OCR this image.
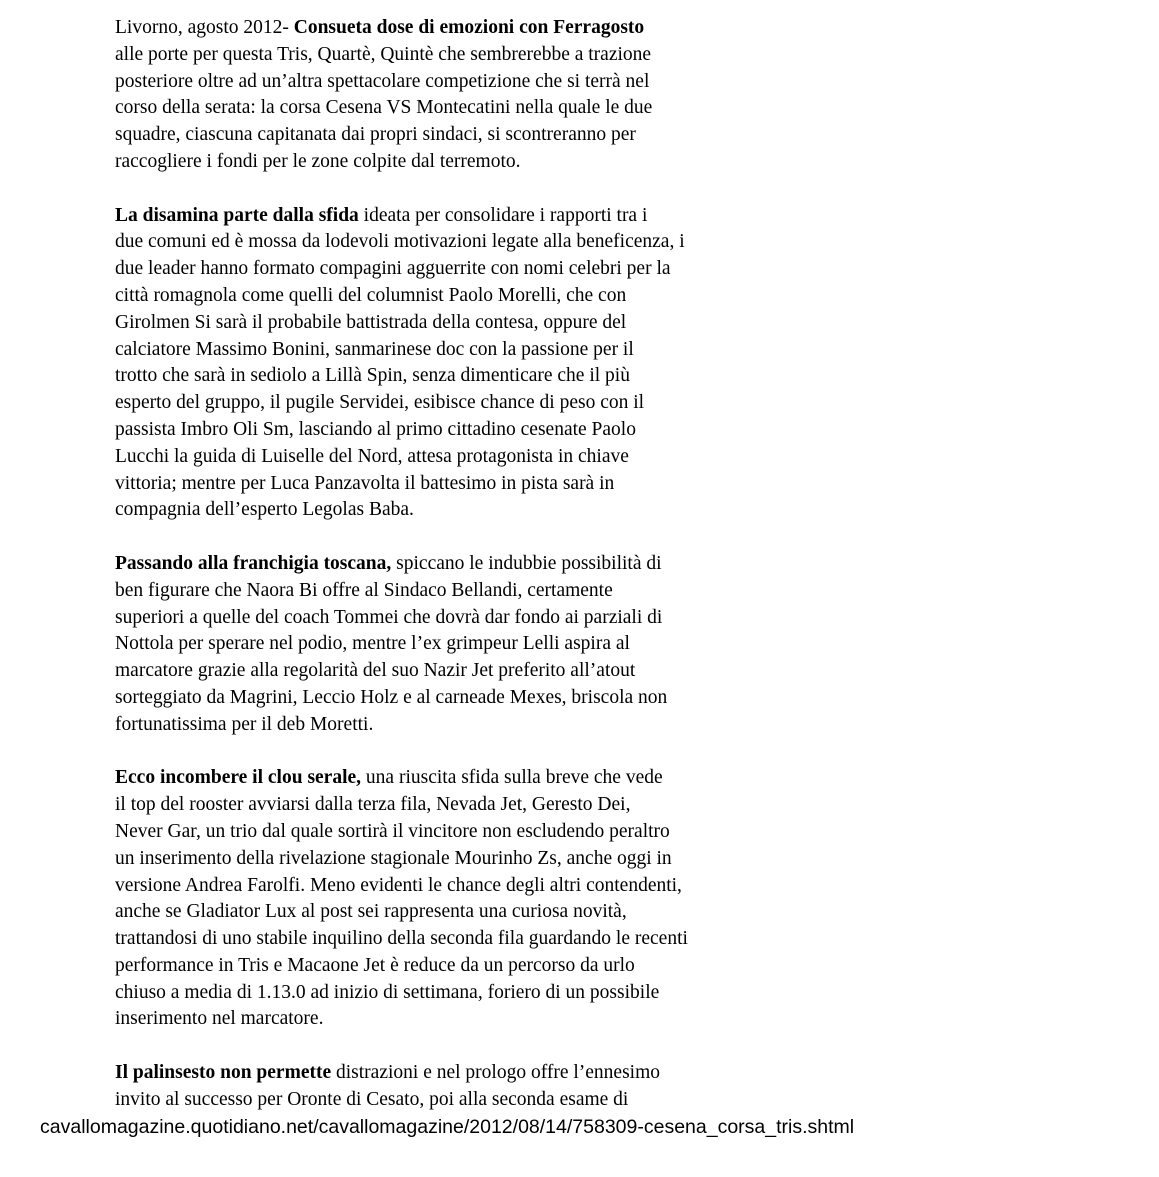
Livorno, agosto 2012- Consueta dose di emozioni con Ferragosto
alle porte per questa Tris, Quartè, Quintè che sembrerebbe a trazione
posteriore oltre ad un’altra spettacolare competizione che si terrà nel
corso della serata: la corsa Cesena VS Montecatini nella quale le due
squadre, ciascuna capitanata dai propri sindaci, si scontreranno per
raccogliere i fondi per le zone colpite dal terremoto.

La disamina parte dalla sfida ideata per consolidare i rapporti tra i
due comuni ed è mossa da lodevoli motivazioni legate alla beneficenza, i
due leader hanno formato compagini agguerrite con nomi celebri per la
città romagnola come quelli del columnist Paolo Morelli, che con
Girolmen Si sarà il probabile battistrada della contesa, oppure del
calciatore Massimo Bonini, sanmarinese doc con la passione per il
trotto che sarà in sediolo a Lillà Spin, senza dimenticare che il più
esperto del gruppo, il pugile Servidei, esibisce chance di peso con il
passista Imbro Oli Sm, lasciando al primo cittadino cesenate Paolo
Lucchi la guida di Luiselle del Nord, attesa protagonista in chiave
vittoria; mentre per Luca Panzavolta il battesimo in pista sarà in
compagnia dell’esperto Legolas Baba.

Passando alla franchigia toscana, spiccano le indubbie possibilità di
ben figurare che Naora Bi offre al Sindaco Bellandi, certamente
superiori a quelle del coach Tommei che dovrà dar fondo ai parziali di
Nottola per sperare nel podio, mentre l’ex grimpeur Lelli aspira al
marcatore grazie alla regolarità del suo Nazir Jet preferito all’atout
sorteggiato da Magrini, Leccio Holz e al carneade Mexes, briscola non
fortunatissima per il deb Moretti.

Ecco incombere il clou serale, una riuscita sfida sulla breve che vede
il top del rooster avviarsi dalla terza fila, Nevada Jet, Geresto Dei,
Never Gar, un trio dal quale sortirà il vincitore non escludendo peraltro
un inserimento della rivelazione stagionale Mourinho Zs, anche oggi in
versione Andrea Farolfi. Meno evidenti le chance degli altri contendenti,
anche se Gladiator Lux al post sei rappresenta una curiosa novità,
trattandosi di uno stabile inquilino della seconda fila guardando le recenti
performance in Tris e Macaone Jet è reduce da un percorso da urlo
chiuso a media di 1.13.0 ad inizio di settimana, foriero di un possibile
inserimento nel marcatore.

Il palinsesto non permette distrazioni e nel prologo offre l’ennesimo
invito al successo per Oronte di Cesato, poi alla seconda esame di

cavallomagazine.quotidiano.net/cavallomagazine/2012/08/14/758309-cesena_corsa_tris.shtml
